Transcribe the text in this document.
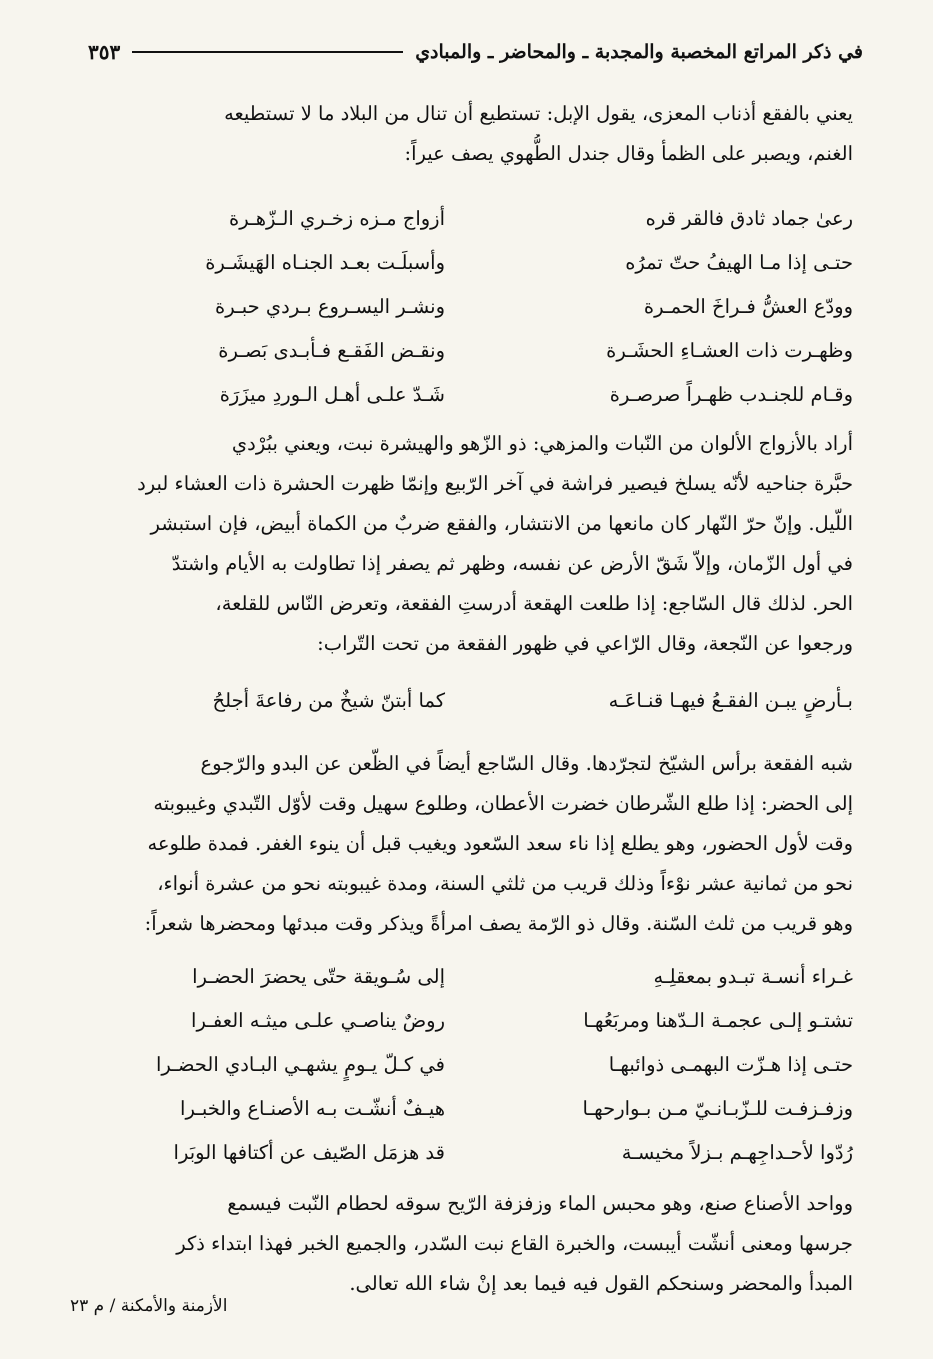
في ذكر المراتع المخصبة والمجدبة ـ والمحاضر ـ والمبادي
٣٥٣

يعني بالفقع أذناب المعزى، يقول الإبل: تستطيع أن تنال من البلاد ما لا تستطيعه

الغنم، ويصبر على الظمأ وقال جندل الطُّهوي يصف عيراً:

رعىٰ جماد ثادق فالقر قره
أزواج مـزه زخـري الـزّهـرة
حتـى إذا مـا الهيفُ حتّ تمرُه
وأسبلَـت بعـد الجنـاه الهَيشَـرة
وودّع العشُّ فـراخَ الحمـرة
ونشـر اليسـروع بـردي حبـرة
وظهـرت ذات العشـاءِ الحشَـرة
ونقـض الفَقـع فـأبـدى بَصـرة
وقـام للجنـدب ظهـراً صرصـرة
شَـدّ علـى أهـل الـوردِ ميزَرَة

أراد بالأزواج الألوان من النّبات والمزهي: ذو الزّهو والهيشرة نبت، ويعني ببُرْدي

حبَّرة جناحيه لأنّه يسلخ فيصير فراشة في آخر الرّبيع وإنمّا ظهرت الحشرة ذات العشاء لبرد

اللّيل. وإنّ حرّ النّهار كان مانعها من الانتشار، والفقع ضربٌ من الكماة أبيض، فإن استبشر

في أول الزّمان، وإلاّ شَقّ الأرض عن نفسه، وظهر ثم يصفر إذا تطاولت به الأيام واشتدّ

الحر. لذلك قال السّاجع: إذا طلعت الهقعة أدرستِ الفقعة، وتعرض النّاس للقلعة،

ورجعوا عن النّجعة، وقال الرّاعي في ظهور الفقعة من تحت التّراب:

بـأرضٍ يبـن الفقـعُ فيهـا قنـاعَـه
كما أبتنّ شيخٌ من رفاعةَ أجلحُ

شبه الفقعة برأس الشيّخ لتجرّدها. وقال السّاجع أيضاً في الظّعن عن البدو والرّجوع

إلى الحضر: إذا طلع الشّرطان خضرت الأعطان، وطلوع سهيل وقت لأوّل التّبدي وغيبوبته

وقت لأول الحضور، وهو يطلع إذا ناء سعد السّعود ويغيب قبل أن ينوء الغفر. فمدة طلوعه

نحو من ثمانية عشر نوْءاً وذلك قريب من ثلثي السنة، ومدة غيبوبته نحو من عشرة أنواء،

وهو قريب من ثلث السّنة. وقال ذو الرّمة يصف امرأةً ويذكر وقت مبدئها ومحضرها شعراً:

غـراء أنسـة تبـدو بمعقلِـهِ
إلى سُـويقة حتّى يحضرَ الحضـرا
تشتـو إلـى عجمـة الـدّهنا ومربَعُهـا
روضٌ يناصـي علـى ميثـه العفـرا
حتـى إذا هـزّت البهمـى ذوائبهـا
في كـلّ يـومٍ يشهـي البـادي الحضـرا
وزفـزفـت للـزّبـانـيّ مـن بـوارحهـا
هيـفٌ أنشّـت بـه الأصنـاع والخبـرا
رُدّوا لأحـداجِهـم بـزلاً مخيسـة
قد هزمَل الصّيف عن أكتافها الوبَرا

وواحد الأصناع صنع، وهو محبس الماء وزفزفة الرّيح سوقه لحطام النّبت فيسمع

جرسها ومعنى أنشّت أيبست، والخبرة القاع نبت السّدر، والجميع الخبر فهذا ابتداء ذكر

المبدأ والمحضر وسنحكم القول فيه فيما بعد إنْ شاء الله تعالى.

الأزمنة والأمكنة / م ٢٣
